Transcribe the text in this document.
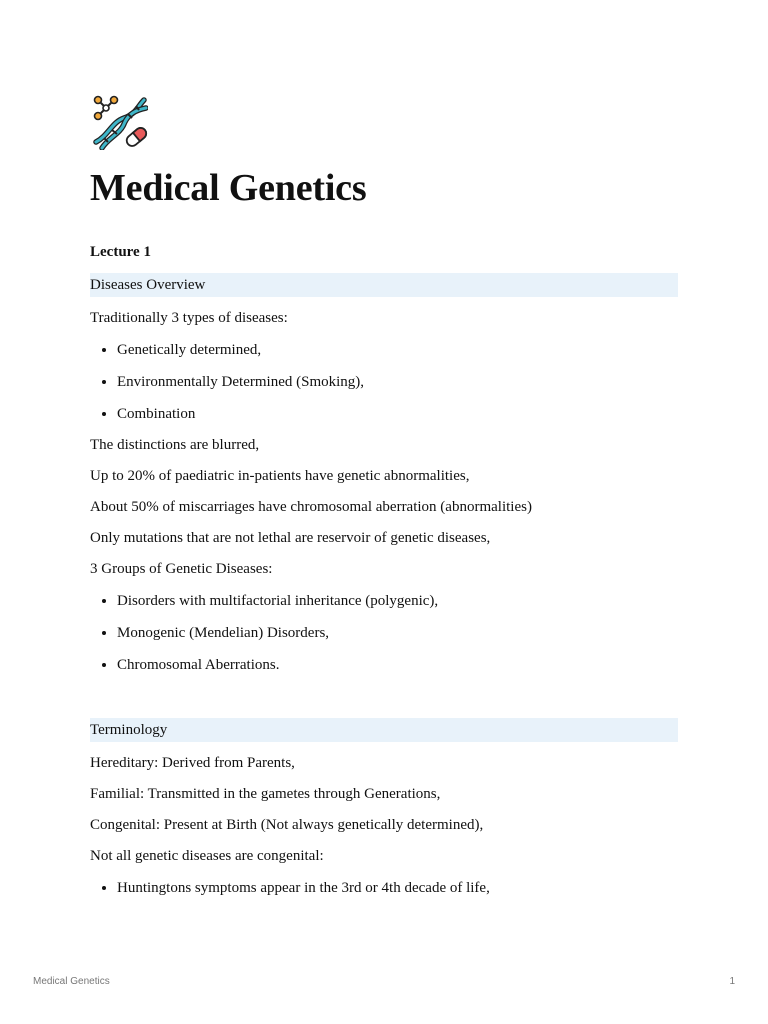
Medical Genetics
Lecture 1
Diseases Overview
Traditionally 3 types of diseases:
• Genetically determined,
• Environmentally Determined (Smoking),
• Combination
The distinctions are blurred,
Up to 20% of paediatric in-patients have genetic abnormalities,
About 50% of miscarriages have chromosomal aberration (abnormalities)
Only mutations that are not lethal are reservoir of genetic diseases,
3 Groups of Genetic Diseases:
• Disorders with multifactorial inheritance (polygenic),
• Monogenic (Mendelian) Disorders,
• Chromosomal Aberrations.
Terminology
Hereditary: Derived from Parents,
Familial: Transmitted in the gametes through Generations,
Congenital: Present at Birth (Not always genetically determined),
Not all genetic diseases are congenital:
• Huntingtons symptoms appear in the 3rd or 4th decade of life,
Medical Genetics	1
